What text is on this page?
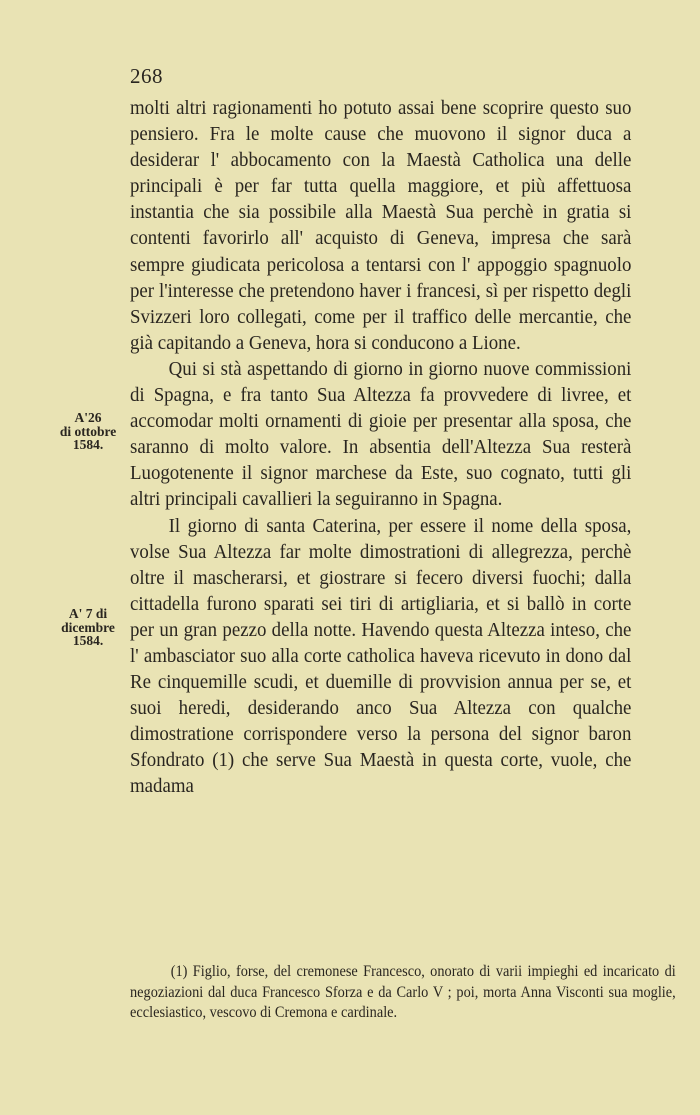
268
A'26
di ottobre
1584.
A' 7 di
dicembre
1584.

molti altri ragionamenti ho potuto assai bene scoprire questo suo pensiero. Fra le molte cause che muovono il signor duca a desiderar l' abbocamento con la Maestà Catholica una delle principali è per far tutta quella maggiore, et più affettuosa instantia che sia possibile alla Maestà Sua perchè in gratia si contenti favorirlo all' acquisto di Geneva, impresa che sarà sempre giudicata pericolosa a tentarsi con l' appoggio spagnuolo per l'interesse che pretendono haver i francesi, sì per rispetto degli Svizzeri loro collegati, come per il traffico delle mercantie, che già capitando a Geneva, hora si conducono a Lione.

Qui si stà aspettando di giorno in giorno nuove commissioni di Spagna, e fra tanto Sua Altezza fa provvedere di livree, et accomodar molti ornamenti di gioie per presentar alla sposa, che saranno di molto valore. In absentia dell'Altezza Sua resterà Luogotenente il signor marchese da Este, suo cognato, tutti gli altri principali cavallieri la seguiranno in Spagna.

Il giorno di santa Caterina, per essere il nome della sposa, volse Sua Altezza far molte dimostrationi di allegrezza, perchè oltre il mascherarsi, et giostrare si fecero diversi fuochi; dalla cittadella furono sparati sei tiri di artigliaria, et si ballò in corte per un gran pezzo della notte. Havendo questa Altezza inteso, che l' ambasciator suo alla corte catholica haveva ricevuto in dono dal Re cinquemille scudi, et duemille di provvision annua per se, et suoi heredi, desiderando anco Sua Altezza con qualche dimostratione corrispondere verso la persona del signor baron Sfondrato (1) che serve Sua Maestà in questa corte, vuole, che madama

(1) Figlio, forse, del cremonese Francesco, onorato di varii impieghi ed incaricato di negoziazioni dal duca Francesco Sforza e da Carlo V ; poi, morta Anna Visconti sua moglie, ecclesiastico, vescovo di Cremona e cardinale.
